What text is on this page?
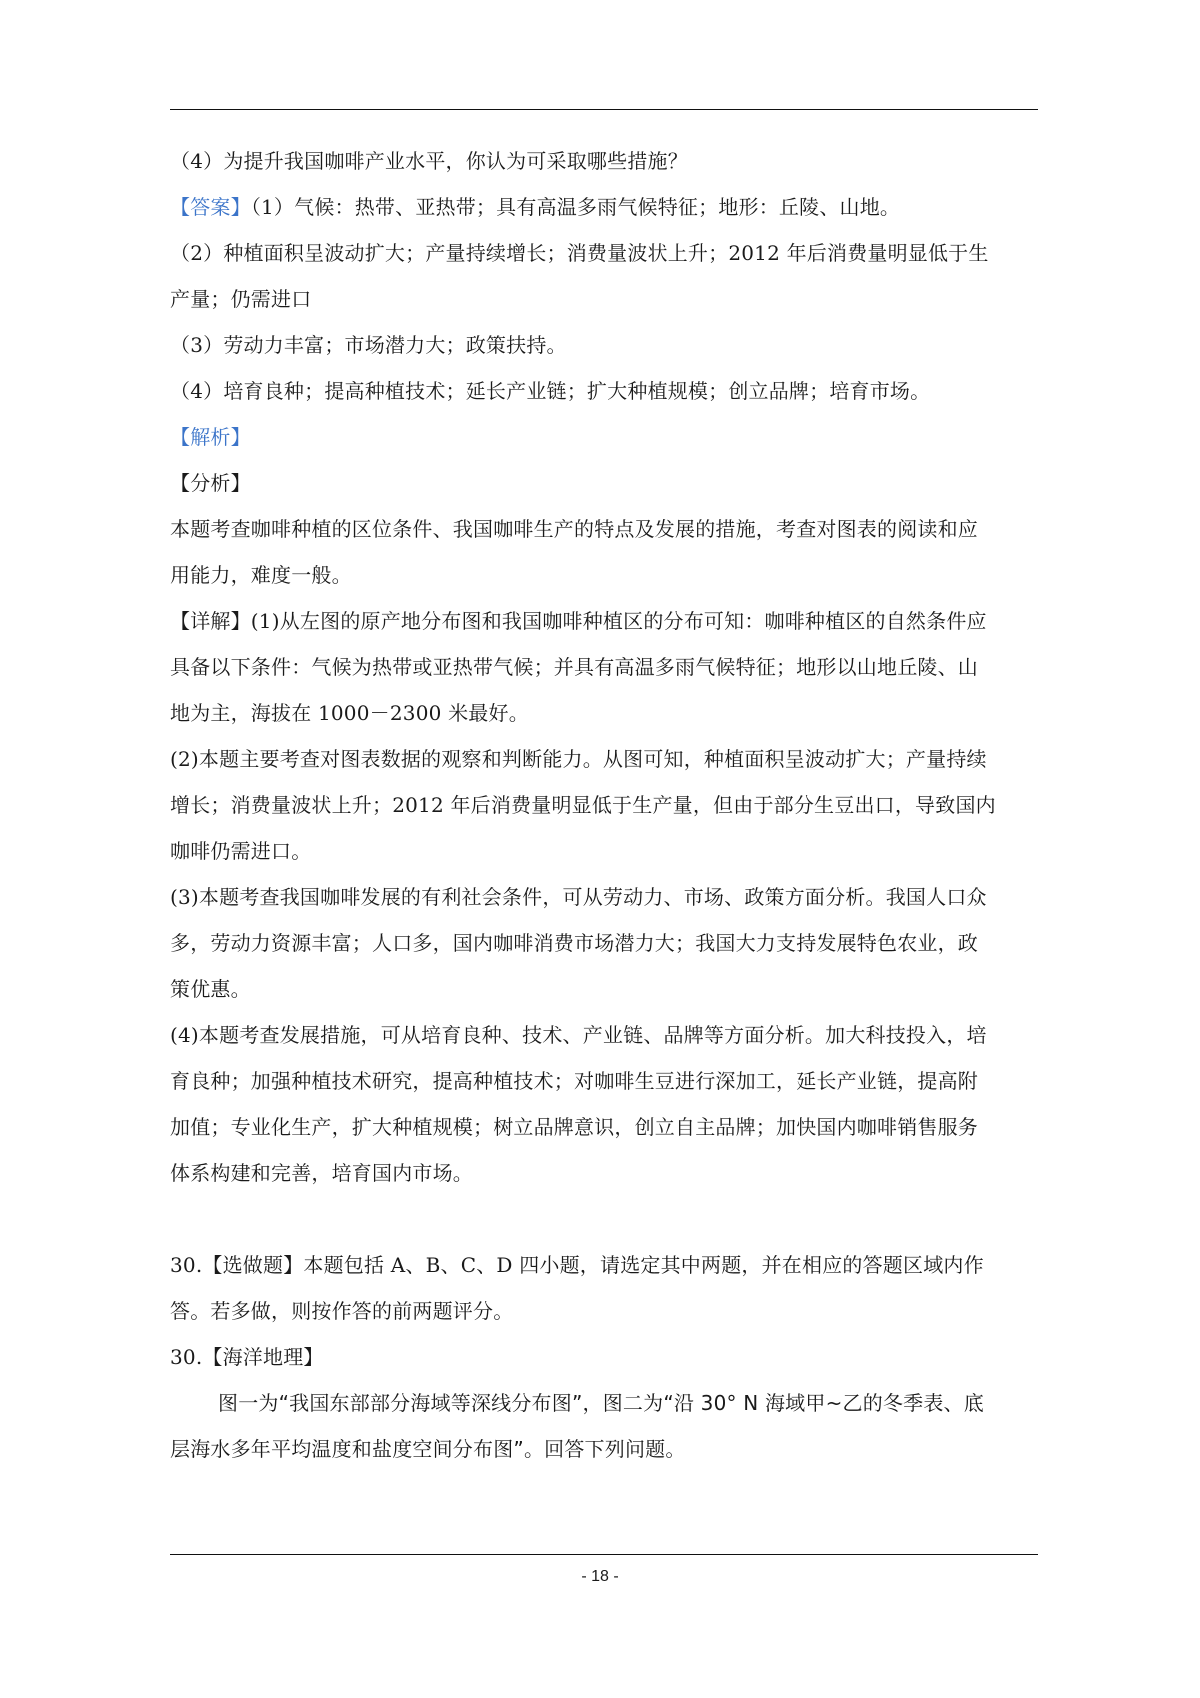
（4）为提升我国咖啡产业水平，你认为可采取哪些措施？
【答案】（1）气候：热带、亚热带；具有高温多雨气候特征；地形：丘陵、山地。
（2）种植面积呈波动扩大；产量持续增长；消费量波状上升；2012 年后消费量明显低于生
产量；仍需进口
（3）劳动力丰富；市场潜力大；政策扶持。
（4）培育良种；提高种植技术；延长产业链；扩大种植规模；创立品牌；培育市场。
【解析】
【分析】
本题考查咖啡种植的区位条件、我国咖啡生产的特点及发展的措施，考查对图表的阅读和应
用能力，难度一般。
【详解】(1)从左图的原产地分布图和我国咖啡种植区的分布可知：咖啡种植区的自然条件应
具备以下条件：气候为热带或亚热带气候；并具有高温多雨气候特征；地形以山地丘陵、山
地为主，海拔在 1000－2300 米最好。
(2)本题主要考查对图表数据的观察和判断能力。从图可知，种植面积呈波动扩大；产量持续
增长；消费量波状上升；2012 年后消费量明显低于生产量，但由于部分生豆出口，导致国内
咖啡仍需进口。
(3)本题考查我国咖啡发展的有利社会条件，可从劳动力、市场、政策方面分析。我国人口众
多，劳动力资源丰富；人口多，国内咖啡消费市场潜力大；我国大力支持发展特色农业，政
策优惠。
(4)本题考查发展措施，可从培育良种、技术、产业链、品牌等方面分析。加大科技投入，培
育良种；加强种植技术研究，提高种植技术；对咖啡生豆进行深加工，延长产业链，提高附
加值；专业化生产，扩大种植规模；树立品牌意识，创立自主品牌；加快国内咖啡销售服务
体系构建和完善，培育国内市场。
30.【选做题】本题包括 A、B、C、D 四小题，请选定其中两题，并在相应的答题区域内作
答。若多做，则按作答的前两题评分。
30.【海洋地理】
图一为“我国东部部分海域等深线分布图”，图二为“沿 30° N 海域甲~乙的冬季表、底
层海水多年平均温度和盐度空间分布图”。回答下列问题。
- 18 -
